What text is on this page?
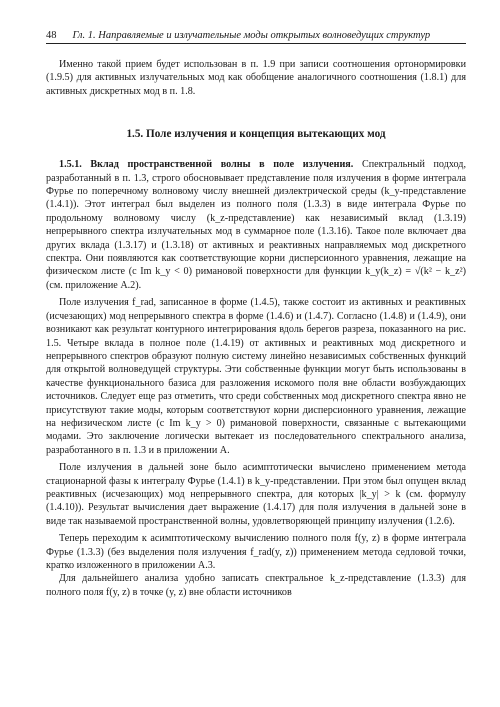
48 Гл. 1. Направляемые и излучательные моды открытых волноведущих структур

Именно такой прием будет использован в п. 1.9 при записи соотношения ортонормировки (1.9.5) для активных излучательных мод как обобщение аналогичного соотношения (1.8.1) для активных дискретных мод в п. 1.8.

1.5. Поле излучения и концепция вытекающих мод

1.5.1. Вклад пространственной волны в поле излучения. Спектральный подход, разработанный в п. 1.3, строго обосновывает представление поля излучения в форме интеграла Фурье по поперечному волновому числу внешней диэлектрической среды (k_y-представление (1.4.1)). Этот интеграл был выделен из полного поля (1.3.3) в виде интеграла Фурье по продольному волновому числу (k_z-представление) как независимый вклад (1.3.19) непрерывного спектра излучательных мод в суммарное поле (1.3.16). Такое поле включает два других вклада (1.3.17) и (1.3.18) от активных и реактивных направляемых мод дискретного спектра. Они появляются как соответствующие корни дисперсионного уравнения, лежащие на физическом листе (с Im k_y < 0) римановой поверхности для функции k_y(k_z) = √(k² − k_z²) (см. приложение А.2).

Поле излучения f_rad, записанное в форме (1.4.5), также состоит из активных и реактивных (исчезающих) мод непрерывного спектра в форме (1.4.6) и (1.4.7). Согласно (1.4.8) и (1.4.9), они возникают как результат контурного интегрирования вдоль берегов разреза, показанного на рис. 1.5. Четыре вклада в полное поле (1.4.19) от активных и реактивных мод дискретного и непрерывного спектров образуют полную систему линейно независимых собственных функций для открытой волноведущей структуры. Эти собственные функции могут быть использованы в качестве функционального базиса для разложения искомого поля вне области возбуждающих источников. Следует еще раз отметить, что среди собственных мод дискретного спектра явно не присутствуют такие моды, которым соответствуют корни дисперсионного уравнения, лежащие на нефизическом листе (с Im k_y > 0) римановой поверхности, связанные с вытекающими модами. Это заключение логически вытекает из последовательного спектрального анализа, разработанного в п. 1.3 и в приложении А.

Поле излучения в дальней зоне было асимптотически вычислено применением метода стационарной фазы к интегралу Фурье (1.4.1) в k_y-представлении. При этом был опущен вклад реактивных (исчезающих) мод непрерывного спектра, для которых |k_y| > k (см. формулу (1.4.10)). Результат вычисления дает выражение (1.4.17) для поля излучения в дальней зоне в виде так называемой пространственной волны, удовлетворяющей принципу излучения (1.2.6).

Теперь переходим к асимптотическому вычислению полного поля f(y, z) в форме интеграла Фурье (1.3.3) (без выделения поля излучения f_rad(y, z)) применением метода седловой точки, кратко изложенного в приложении А.3.

Для дальнейшего анализа удобно записать спектральное k_z-представление (1.3.3) для полного поля f(y, z) в точке (y, z) вне области источников
